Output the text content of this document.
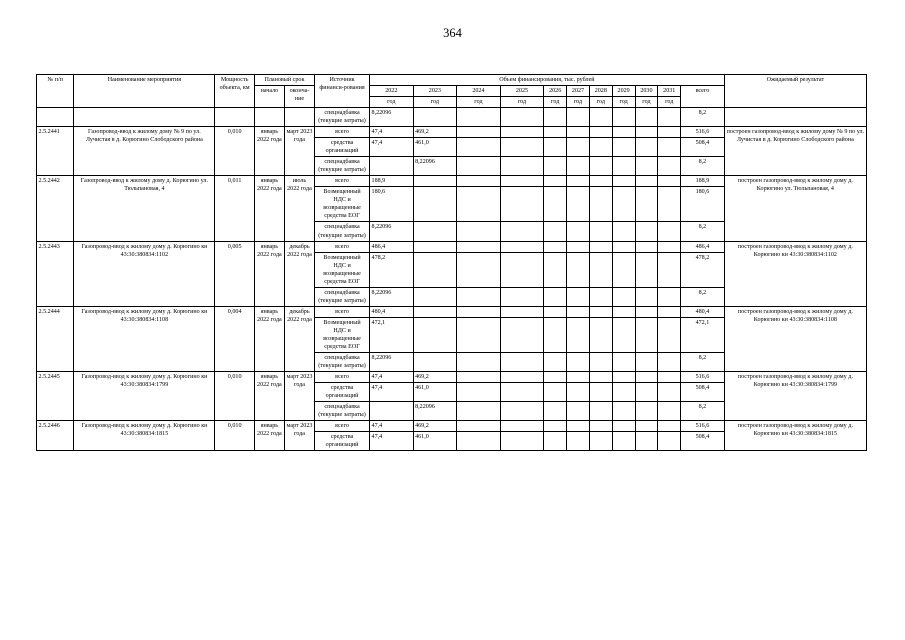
364
№ п/п	Наименование мероприятия	Мощность объекта, км	Плановый срок		Источник финанси-рования	Объем финансирования, тыс. рублей											Ожидаемый результат
			начало	оконча-ние		2022	2023	2024	2025	2026	2027	2028	2029	2030	2031	всего	
						год	год	год	год	год	год	год	год	год	год		
					спецнадбавка (текущие затраты)	8,22096										8,2	
2.5.2441	Газопровод-ввод к жилому дому № 9 по ул. Лучистая в д. Корюгино Слободского района	0,010	январь 2022 года	март 2023 года	всего	47,4	469,2									516,6	построен газопровод-ввод к жилому дому № 9 по ул. Лучистая в д. Корюгино Слободского района
					средства организаций	47,4	461,0									508,4	
					спецнадбавка (текущие затраты)		8,22096									8,2	
2.5.2442	Газопровод-ввод к жилому дому д. Корюгино ул. Тюльпановая, 4	0,011	январь 2022 года	июль 2022 года	всего	188,9										188,9	построен газопровод-ввод к жилому дому д. Корюгино ул. Тюльпановая, 4
					Возмещенный НДС и возвращенные средства ЕОГ	180,6										180,6	
					спецнадбавка (текущие затраты)	8,22096										8,2	
2.5.2443	Газопровод-ввод к жилому дому д. Корюгино кн 43:30:380834:1102	0,005	январь 2022 года	декабрь 2022 года	всего	486,4										486,4	построен газопровод-ввод к жилому дому д. Корюгино кн 43:30:380834:1102
					Возмещенный НДС и возвращенные средства ЕОГ	478,2										478,2	
					спецнадбавка (текущие затраты)	8,22096										8,2	
2.5.2444	Газопровод-ввод к жилому дому д. Корюгино кн 43:30:380834:1108	0,004	январь 2022 года	декабрь 2022 года	всего	480,4										480,4	построен газопровод-ввод к жилому дому д. Корюгино кн 43:30:380834:1108
					Возмещенный НДС и возвращенные средства ЕОГ	472,1										472,1	
					спецнадбавка (текущие затраты)	8,22096										8,2	
2.5.2445	Газопровод-ввод к жилому дому д. Корюгино кн 43:30:380834:1799	0,010	январь 2022 года	март 2023 года	всего	47,4	469,2									516,6	построен газопровод-ввод к жилому дому д. Корюгино кн 43:30:380834:1799
					средства организаций	47,4	461,0									508,4	
					спецнадбавка (текущие затраты)		8,22096									8,2	
2.5.2446	Газопровод-ввод к жилому дому д. Корюгино кн 43:30:380834:1815	0,010	январь 2022 года	март 2023 года	всего	47,4	469,2									516,6	построен газопровод-ввод к жилому дому д. Корюгино кн 43:30:380834:1815
					средства организаций	47,4	461,0									508,4	
